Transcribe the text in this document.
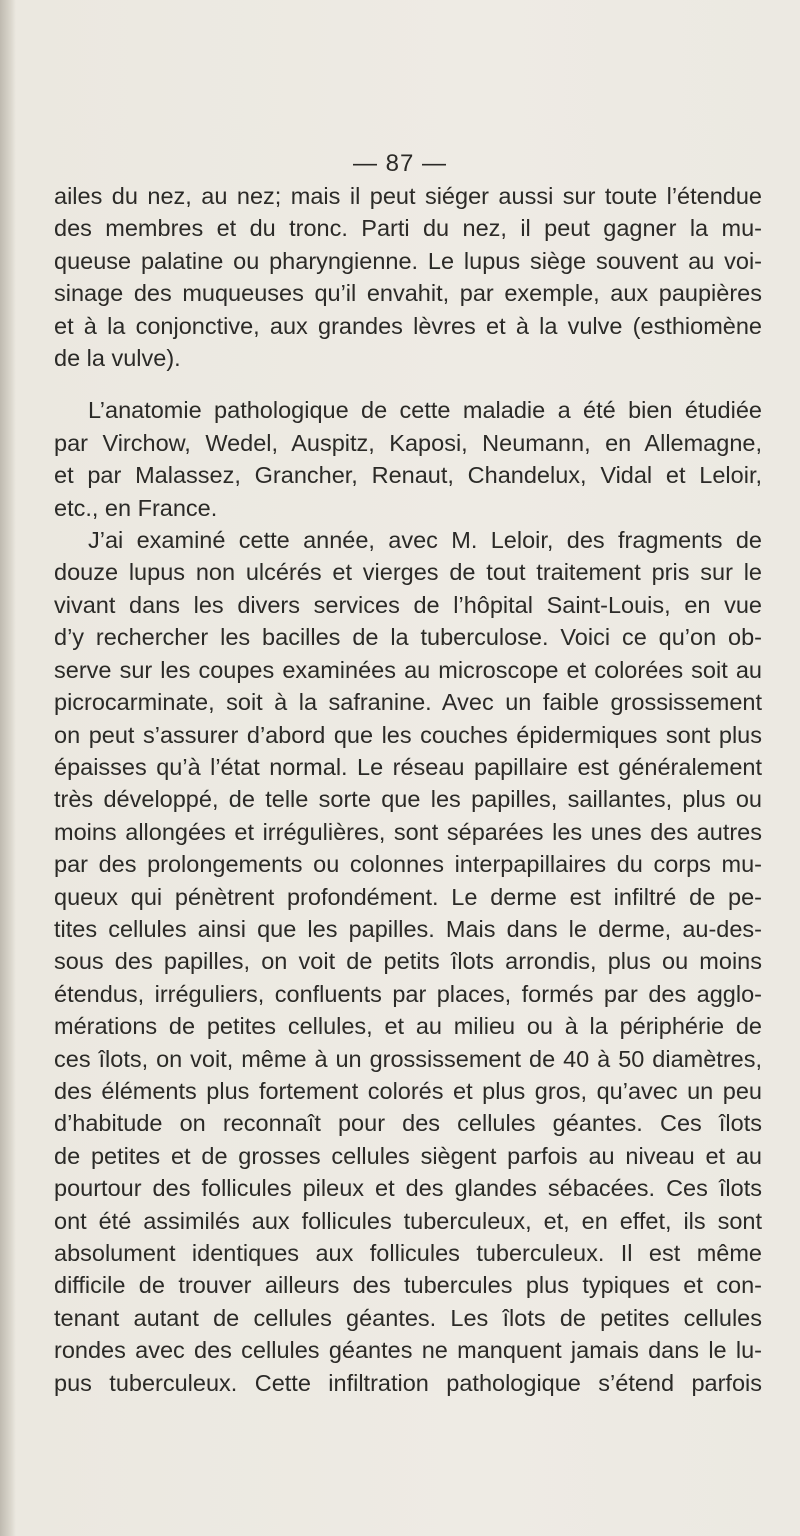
— 87 —
ailes du nez, au nez; mais il peut siéger aussi sur toute l’étendue
des membres et du tronc. Parti du nez, il peut gagner la mu-
queuse palatine ou pharyngienne. Le lupus siège souvent au voi-
sinage des muqueuses qu’il envahit, par exemple, aux paupières
et à la conjonctive, aux grandes lèvres et à la vulve (esthiomène
de la vulve).
L’anatomie pathologique de cette maladie a été bien étudiée
par Virchow, Wedel, Auspitz, Kaposi, Neumann, en Allemagne,
et par Malassez, Grancher, Renaut, Chandelux, Vidal et Leloir,
etc., en France.
J’ai examiné cette année, avec M. Leloir, des fragments de
douze lupus non ulcérés et vierges de tout traitement pris sur le
vivant dans les divers services de l’hôpital Saint-Louis, en vue
d’y rechercher les bacilles de la tuberculose. Voici ce qu’on ob-
serve sur les coupes examinées au microscope et colorées soit au
picrocarminate, soit à la safranine. Avec un faible grossissement
on peut s’assurer d’abord que les couches épidermiques sont plus
épaisses qu’à l’état normal. Le réseau papillaire est généralement
très développé, de telle sorte que les papilles, saillantes, plus ou
moins allongées et irrégulières, sont séparées les unes des autres
par des prolongements ou colonnes interpapillaires du corps mu-
queux qui pénètrent profondément. Le derme est infiltré de pe-
tites cellules ainsi que les papilles. Mais dans le derme, au-des-
sous des papilles, on voit de petits îlots arrondis, plus ou moins
étendus, irréguliers, confluents par places, formés par des agglo-
mérations de petites cellules, et au milieu ou à la périphérie de
ces îlots, on voit, même à un grossissement de 40 à 50 diamètres,
des éléments plus fortement colorés et plus gros, qu’avec un peu
d’habitude on reconnaît pour des cellules géantes. Ces îlots
de petites et de grosses cellules siègent parfois au niveau et au
pourtour des follicules pileux et des glandes sébacées. Ces îlots
ont été assimilés aux follicules tuberculeux, et, en effet, ils sont
absolument identiques aux follicules tuberculeux. Il est même
difficile de trouver ailleurs des tubercules plus typiques et con-
tenant autant de cellules géantes. Les îlots de petites cellules
rondes avec des cellules géantes ne manquent jamais dans le lu-
pus tuberculeux. Cette infiltration pathologique s’étend parfois
